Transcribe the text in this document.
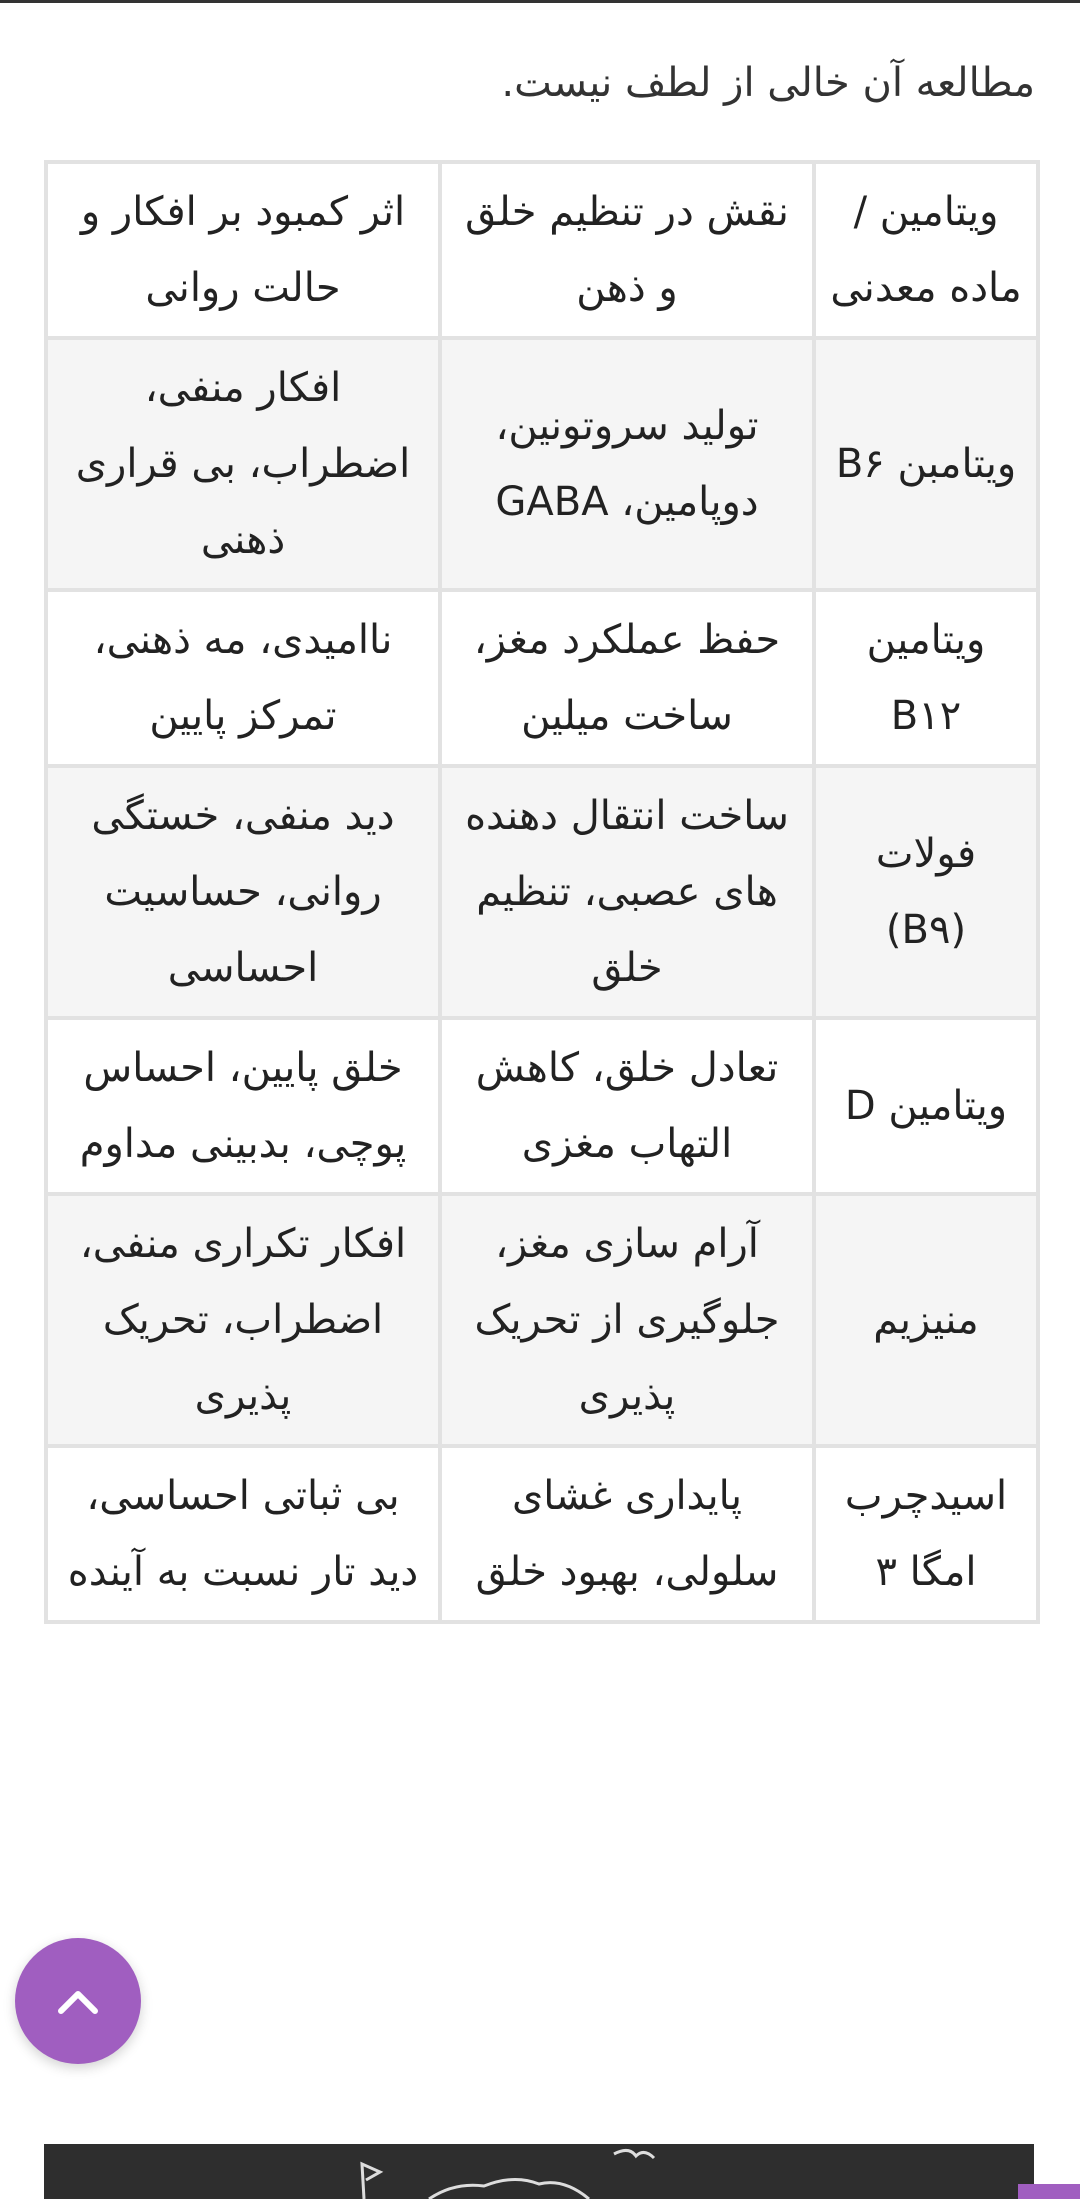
مطالعه آن خالی از لطف نیست.

ویتامین / ماده معدنی	نقش در تنظیم خلق و ذهن	اثر کمبود بر افکار و حالت روانی
ویتامبن B۶	تولید سروتونین، دوپامین، GABA	افکار منفی، اضطراب، بی قراری ذهنی
ویتامین B۱۲	حفظ عملکرد مغز، ساخت میلین	ناامیدی، مه ذهنی، تمرکز پایین
فولات (B۹)	ساخت انتقال دهنده های عصبی، تنظیم خلق	دید منفی، خستگی روانی، حساسیت احساسی
ویتامین D	تعادل خلق، کاهش التهاب مغزی	خلق پایین، احساس پوچی، بدبینی مداوم
منیزیم	آرام سازی مغز، جلوگیری از تحریک پذیری	افکار تکراری منفی، اضطراب، تحریک پذیری
اسیدچرب امگا ۳	پایداری غشای سلولی، بهبود خلق	بی ثباتی احساسی، دید تار نسبت به آینده
